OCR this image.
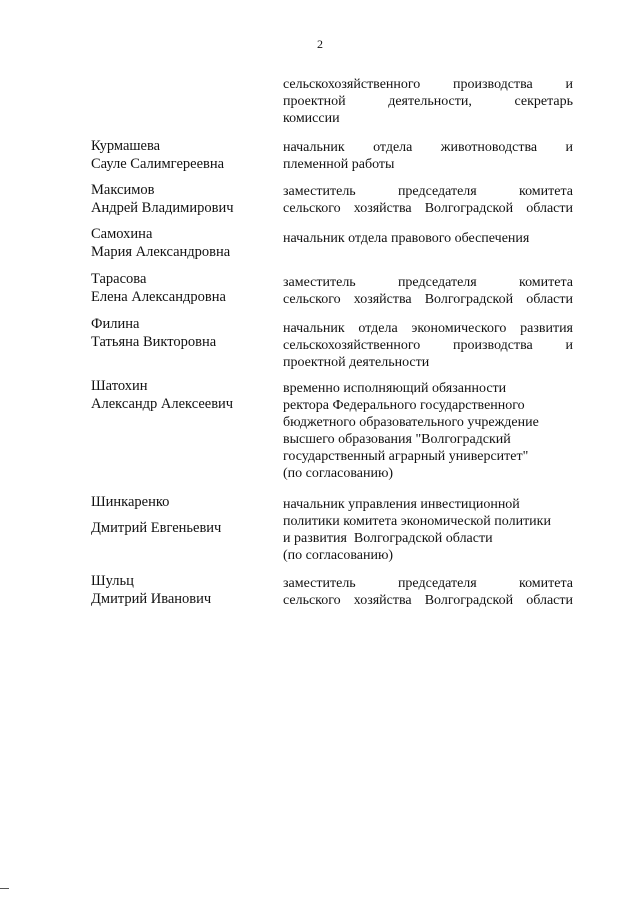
2
сельскохозяйственного производства и
проектной деятельности, секретарь
комиссии
Курмашева
Сауле Салимгереевна
начальник отдела животноводства и
племенной работы
Максимов
Андрей Владимирович
заместитель председателя комитета
сельского хозяйства Волгоградской области
Самохина
Мария Александровна
начальник отдела правового обеспечения
Тарасова
Елена Александровна
заместитель председателя комитета
сельского хозяйства Волгоградской области
Филина
Татьяна Викторовна
начальник отдела экономического развития
сельскохозяйственного производства и
проектной деятельности
Шатохин
Александр Алексеевич
временно исполняющий обязанности
ректора Федерального государственного
бюджетного образовательного учреждение
высшего образования "Волгоградский
государственный аграрный университет"
(по согласованию)
Шинкаренко
Дмитрий Евгеньевич
начальник управления инвестиционной
политики комитета экономической политики
и развития  Волгоградской области
(по согласованию)
Шульц
Дмитрий Иванович
заместитель председателя комитета
сельского хозяйства Волгоградской области
